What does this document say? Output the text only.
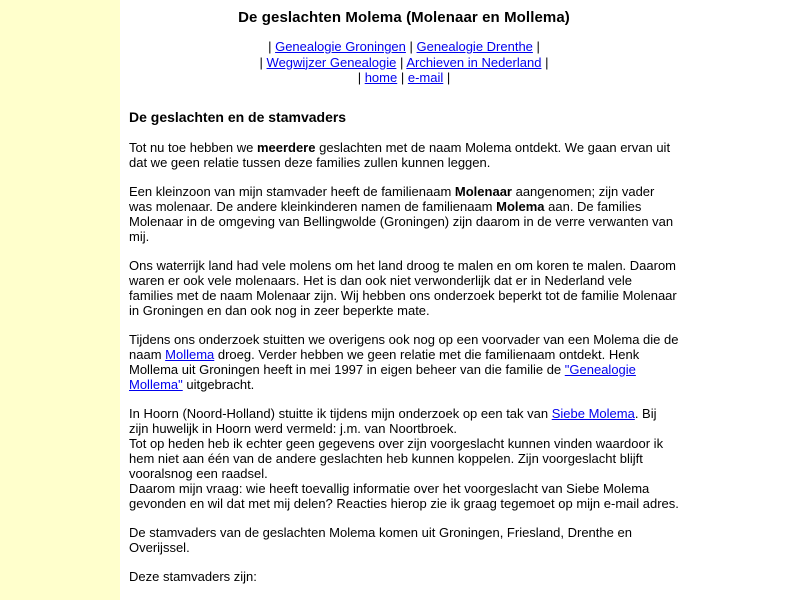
De geslachten Molema (Molenaar en Mollema)
| Genealogie Groningen | Genealogie Drenthe |
| Wegwijzer Genealogie | Archieven in Nederland |
| home | e-mail |
De geslachten en de stamvaders

Tot nu toe hebben we meerdere geslachten met de naam Molema ontdekt. We gaan ervan uit dat we geen relatie tussen deze families zullen kunnen leggen.

Een kleinzoon van mijn stamvader heeft de familienaam Molenaar aangenomen; zijn vader was molenaar. De andere kleinkinderen namen de familienaam Molema aan. De families Molenaar in de omgeving van Bellingwolde (Groningen) zijn daarom in de verre verwanten van mij.

Ons waterrijk land had vele molens om het land droog te malen en om koren te malen. Daarom waren er ook vele molenaars. Het is dan ook niet verwonderlijk dat er in Nederland vele families met de naam Molenaar zijn. Wij hebben ons onderzoek beperkt tot de familie Molenaar in Groningen en dan ook nog in zeer beperkte mate.

Tijdens ons onderzoek stuitten we overigens ook nog op een voorvader van een Molema die de naam Mollema droeg. Verder hebben we geen relatie met die familienaam ontdekt. Henk Mollema uit Groningen heeft in mei 1997 in eigen beheer van die familie de "Genealogie Mollema" uitgebracht.

In Hoorn (Noord-Holland) stuitte ik tijdens mijn onderzoek op een tak van Siebe Molema. Bij zijn huwelijk in Hoorn werd vermeld: j.m. van Noortbroek.
Tot op heden heb ik echter geen gegevens over zijn voorgeslacht kunnen vinden waardoor ik hem niet aan één van de andere geslachten heb kunnen koppelen. Zijn voorgeslacht blijft vooralsnog een raadsel.
Daarom mijn vraag: wie heeft toevallig informatie over het voorgeslacht van Siebe Molema gevonden en wil dat met mij delen? Reacties hierop zie ik graag tegemoet op mijn e-mail adres.

De stamvaders van de geslachten Molema komen uit Groningen, Friesland, Drenthe en Overijssel.

Deze stamvaders zijn:
